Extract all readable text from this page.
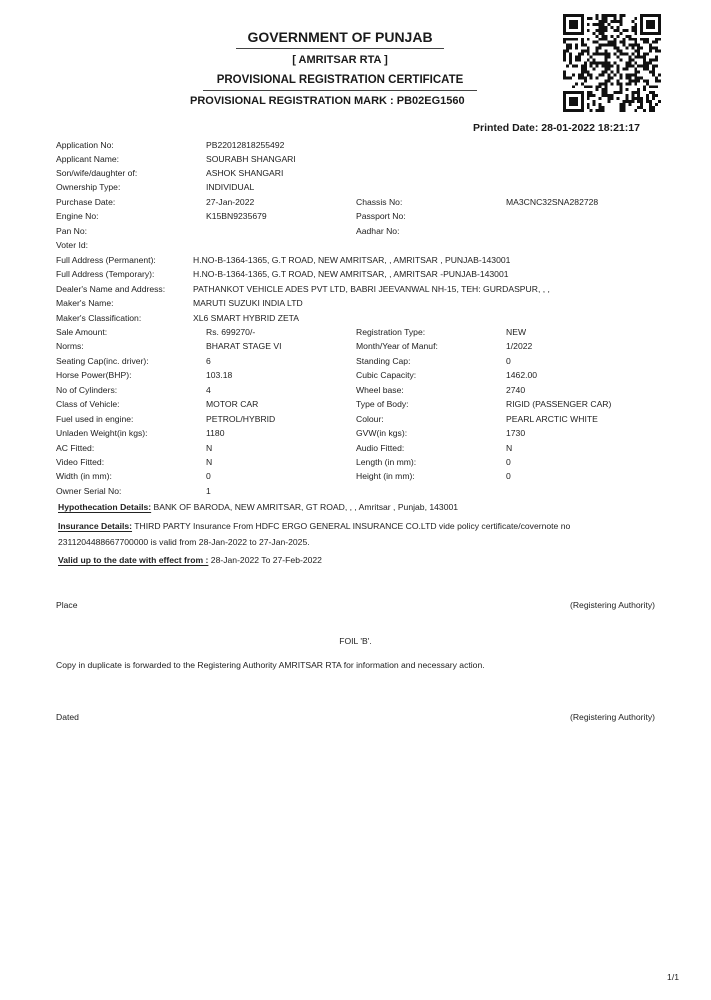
GOVERNMENT OF PUNJAB
[ AMRITSAR RTA ]
PROVISIONAL REGISTRATION CERTIFICATE
PROVISIONAL REGISTRATION MARK : PB02EG1560
Printed Date: 28-01-2022 18:21:17
Application No:	PB22012818255492
Applicant Name:	SOURABH SHANGARI
Son/wife/daughter of:	ASHOK SHANGARI
Ownership Type:	INDIVIDUAL
Purchase Date:	27-Jan-2022	Chassis No:	MA3CNC32SNA282728
Engine No:	K15BN9235679	Passport No:
Pan No:	Aadhar No:
Voter Id:
Full Address (Permanent):	H.NO-B-1364-1365, G.T ROAD, NEW AMRITSAR, , AMRITSAR , PUNJAB-143001
Full Address (Temporary):	H.NO-B-1364-1365, G.T ROAD, NEW AMRITSAR, , AMRITSAR -PUNJAB-143001
Dealer's Name and Address:	PATHANKOT VEHICLE ADES PVT LTD, BABRI JEEVANWAL NH-15, TEH: GURDASPUR, , ,
Maker's Name:	MARUTI SUZUKI INDIA LTD
Maker's Classification:	XL6 SMART HYBRID ZETA
Sale Amount:	Rs. 699270/-	Registration Type:	NEW
Norms:	BHARAT STAGE VI	Month/Year of Manuf:	1/2022
Seating Cap(inc. driver):	6	Standing Cap:	0
Horse Power(BHP):	103.18	Cubic Capacity:	1462.00
No of Cylinders:	4	Wheel base:	2740
Class of Vehicle:	MOTOR CAR	Type of Body:	RIGID (PASSENGER CAR)
Fuel used in engine:	PETROL/HYBRID	Colour:	PEARL ARCTIC WHITE
Unladen Weight(in kgs):	1180	GVW(in kgs):	1730
AC Fitted:	N	Audio Fitted:	N
Video Fitted:	N	Length (in mm):	0
Width (in mm):	0	Height (in mm):	0
Owner Serial No:	1
Hypothecation Details: BANK OF BARODA, NEW AMRITSAR, GT ROAD, , , Amritsar , Punjab, 143001
Insurance Details: THIRD PARTY Insurance From HDFC ERGO GENERAL INSURANCE CO.LTD vide policy certificate/covernote no
2311204488667700000 is valid from 28-Jan-2022 to 27-Jan-2025.
Valid up to the date with effect from : 28-Jan-2022 To 27-Feb-2022
Place	(Registering Authority)
FOIL 'B'.
Copy in duplicate is forwarded to the Registering Authority AMRITSAR RTA for information and necessary action.
Dated	(Registering Authority)
1/1
